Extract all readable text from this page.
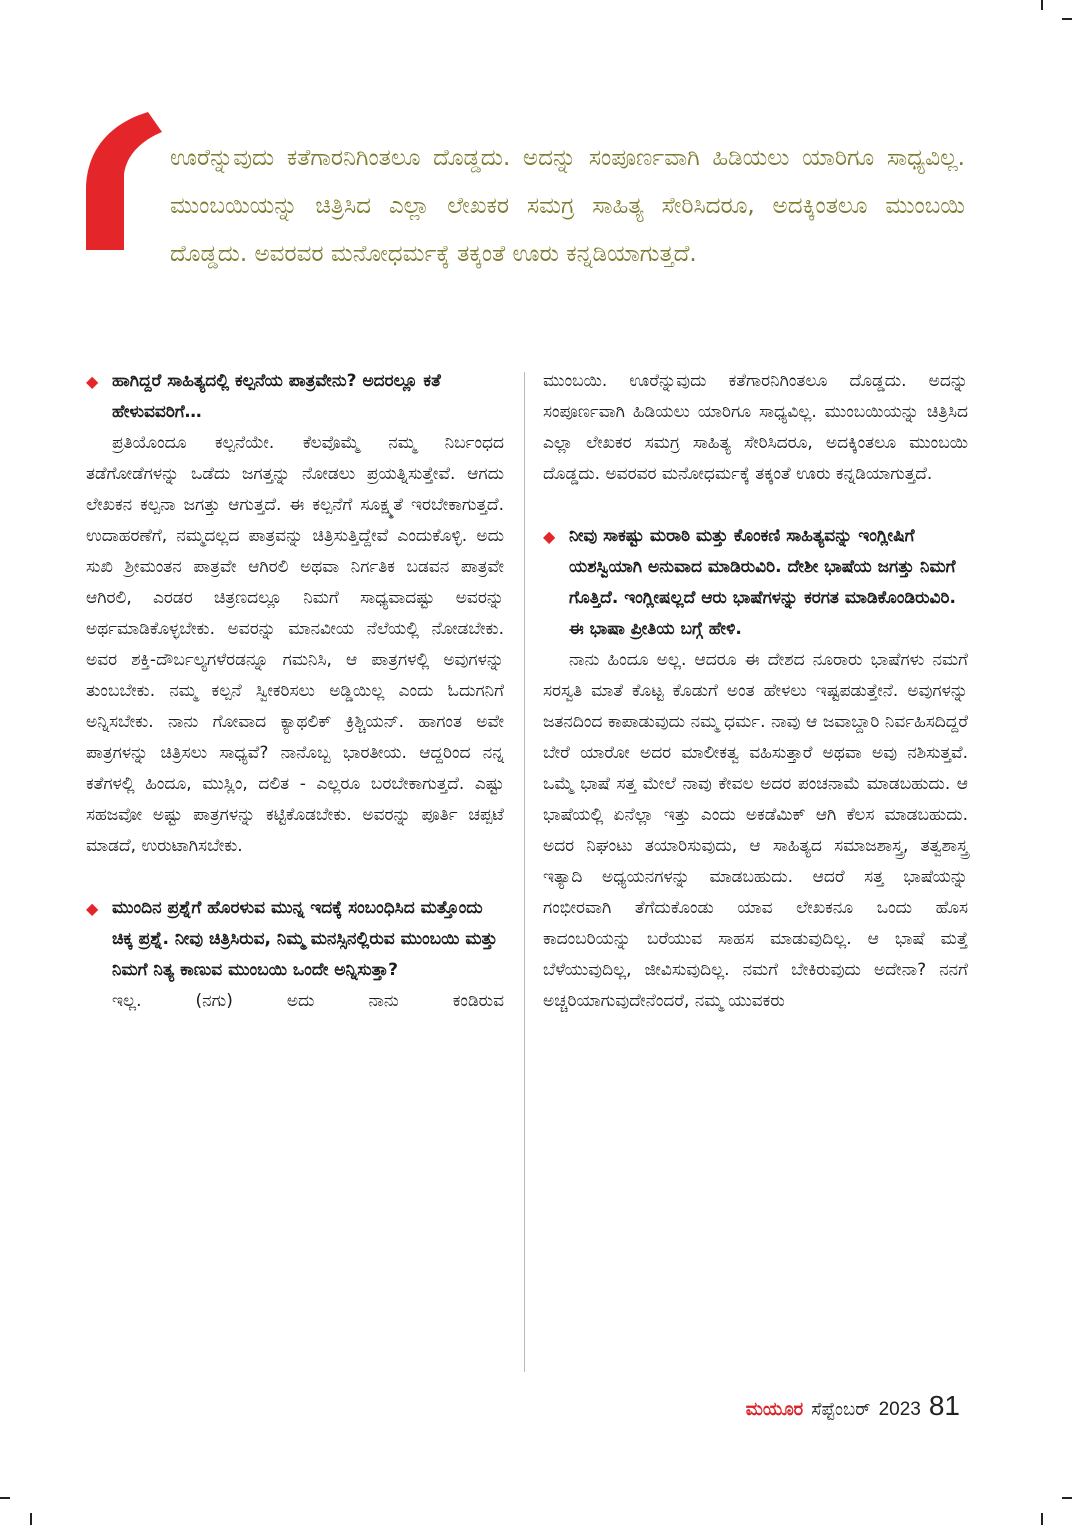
ಊರೆನ್ನುವುದು ಕತೆಗಾರನಿಗಿಂತಲೂ ದೊಡ್ಡದು. ಅದನ್ನು ಸಂಪೂರ್ಣವಾಗಿ ಹಿಡಿಯಲು ಯಾರಿಗೂ ಸಾಧ್ಯವಿಲ್ಲ. ಮುಂಬಯಿಯನ್ನು ಚಿತ್ರಿಸಿದ ಎಲ್ಲಾ ಲೇಖಕರ ಸಮಗ್ರ ಸಾಹಿತ್ಯ ಸೇರಿಸಿದರೂ, ಅದಕ್ಕಿಂತಲೂ ಮುಂಬಯಿ ದೊಡ್ಡದು. ಅವರವರ ಮನೋಧರ್ಮಕ್ಕೆ ತಕ್ಕಂತೆ ಊರು ಕನ್ನಡಿಯಾಗುತ್ತದೆ.

◆ ಹಾಗಿದ್ದರೆ ಸಾಹಿತ್ಯದಲ್ಲಿ ಕಲ್ಪನೆಯ ಪಾತ್ರವೇನು? ಅದರಲ್ಲೂ ಕತೆ ಹೇಳುವವರಿಗೆ…

ಪ್ರತಿಯೊಂದೂ ಕಲ್ಪನೆಯೇ. ಕೆಲವೊಮ್ಮೆ ನಮ್ಮ ನಿರ್ಬಂಧದ ತಡೆಗೋಡೆಗಳನ್ನು ಒಡೆದು ಜಗತ್ತನ್ನು ನೋಡಲು ಪ್ರಯತ್ನಿಸುತ್ತೇವೆ. ಆಗದು ಲೇಖಕನ ಕಲ್ಪನಾ ಜಗತ್ತು ಆಗುತ್ತದೆ. ಈ ಕಲ್ಪನೆಗೆ ಸೂಕ್ಷ್ಮತೆ ಇರಬೇಕಾಗುತ್ತದೆ. ಉದಾಹರಣೆಗೆ, ನಮ್ಮದಲ್ಲದ ಪಾತ್ರವನ್ನು ಚಿತ್ರಿಸುತ್ತಿದ್ದೇವೆ ಎಂದುಕೊಳ್ಳಿ. ಅದು ಸುಖಿ ಶ್ರೀಮಂತನ ಪಾತ್ರವೇ ಆಗಿರಲಿ ಅಥವಾ ನಿರ್ಗತಿಕ ಬಡವನ ಪಾತ್ರವೇ ಆಗಿರಲಿ, ಎರಡರ ಚಿತ್ರಣದಲ್ಲೂ ನಿಮಗೆ ಸಾಧ್ಯವಾದಷ್ಟು ಅವರನ್ನು ಅರ್ಥಮಾಡಿಕೊಳ್ಳಬೇಕು. ಅವರನ್ನು ಮಾನವೀಯ ನೆಲೆಯಲ್ಲಿ ನೋಡಬೇಕು. ಅವರ ಶಕ್ತಿ-ದೌರ್ಬಲ್ಯಗಳೆರಡನ್ನೂ ಗಮನಿಸಿ, ಆ ಪಾತ್ರಗಳಲ್ಲಿ ಅವುಗಳನ್ನು ತುಂಬಬೇಕು. ನಮ್ಮ ಕಲ್ಪನೆ ಸ್ವೀಕರಿಸಲು ಅಡ್ಡಿಯಿಲ್ಲ ಎಂದು ಓದುಗನಿಗೆ ಅನ್ನಿಸಬೇಕು. ನಾನು ಗೋವಾದ ಕ್ಯಾಥಲಿಕ್ ಕ್ರಿಶ್ಚಿಯನ್. ಹಾಗಂತ ಅವೇ ಪಾತ್ರಗಳನ್ನು ಚಿತ್ರಿಸಲು ಸಾಧ್ಯವೆ? ನಾನೊಬ್ಬ ಭಾರತೀಯ. ಆದ್ದರಿಂದ ನನ್ನ ಕತೆಗಳಲ್ಲಿ ಹಿಂದೂ, ಮುಸ್ಲಿಂ, ದಲಿತ - ಎಲ್ಲರೂ ಬರಬೇಕಾಗುತ್ತದೆ. ಎಷ್ಟು ಸಹಜವೋ ಅಷ್ಟು ಪಾತ್ರಗಳನ್ನು ಕಟ್ಟಿಕೊಡಬೇಕು. ಅವರನ್ನು ಪೂರ್ತಿ ಚಪ್ಪಟೆ ಮಾಡದೆ, ಉರುಟಾಗಿಸಬೇಕು.

◆ ಮುಂದಿನ ಪ್ರಶ್ನೆಗೆ ಹೊರಳುವ ಮುನ್ನ ಇದಕ್ಕೆ ಸಂಬಂಧಿಸಿದ ಮತ್ತೊಂದು ಚಿಕ್ಕ ಪ್ರಶ್ನೆ. ನೀವು ಚಿತ್ರಿಸಿರುವ, ನಿಮ್ಮ ಮನಸ್ಸಿನಲ್ಲಿರುವ ಮುಂಬಯಿ ಮತ್ತು ನಿಮಗೆ ನಿತ್ಯ ಕಾಣುವ ಮುಂಬಯಿ ಒಂದೇ ಅನ್ನಿಸುತ್ತಾ?

ಇಲ್ಲ. (ನಗು) ಅದು ನಾನು ಕಂಡಿರುವ

ಮುಂಬಯಿ. ಊರೆನ್ನುವುದು ಕತೆಗಾರನಿಗಿಂತಲೂ ದೊಡ್ಡದು. ಅದನ್ನು ಸಂಪೂರ್ಣವಾಗಿ ಹಿಡಿಯಲು ಯಾರಿಗೂ ಸಾಧ್ಯವಿಲ್ಲ. ಮುಂಬಯಿಯನ್ನು ಚಿತ್ರಿಸಿದ ಎಲ್ಲಾ ಲೇಖಕರ ಸಮಗ್ರ ಸಾಹಿತ್ಯ ಸೇರಿಸಿದರೂ, ಅದಕ್ಕಿಂತಲೂ ಮುಂಬಯಿ ದೊಡ್ಡದು. ಅವರವರ ಮನೋಧರ್ಮಕ್ಕೆ ತಕ್ಕಂತೆ ಊರು ಕನ್ನಡಿಯಾಗುತ್ತದೆ.

◆ ನೀವು ಸಾಕಷ್ಟು ಮರಾಠಿ ಮತ್ತು ಕೊಂಕಣಿ ಸಾಹಿತ್ಯವನ್ನು ಇಂಗ್ಲೀಷಿಗೆ ಯಶಸ್ವಿಯಾಗಿ ಅನುವಾದ ಮಾಡಿರುವಿರಿ. ದೇಶೀ ಭಾಷೆಯ ಜಗತ್ತು ನಿಮಗೆ ಗೊತ್ತಿದೆ. ಇಂಗ್ಲೀಷಲ್ಲದೆ ಆರು ಭಾಷೆಗಳನ್ನು ಕರಗತ ಮಾಡಿಕೊಂಡಿರುವಿರಿ. ಈ ಭಾಷಾ ಪ್ರೀತಿಯ ಬಗ್ಗೆ ಹೇಳಿ.

ನಾನು ಹಿಂದೂ ಅಲ್ಲ. ಆದರೂ ಈ ದೇಶದ ನೂರಾರು ಭಾಷೆಗಳು ನಮಗೆ ಸರಸ್ವತಿ ಮಾತೆ ಕೊಟ್ಟ ಕೊಡುಗೆ ಅಂತ ಹೇಳಲು ಇಷ್ಟಪಡುತ್ತೇನೆ. ಅವುಗಳನ್ನು ಜತನದಿಂದ ಕಾಪಾಡುವುದು ನಮ್ಮ ಧರ್ಮ. ನಾವು ಆ ಜವಾಬ್ದಾರಿ ನಿರ್ವಹಿಸದಿದ್ದರೆ ಬೇರೆ ಯಾರೋ ಅದರ ಮಾಲೀಕತ್ವ ವಹಿಸುತ್ತಾರೆ ಅಥವಾ ಅವು ನಶಿಸುತ್ತವೆ. ಒಮ್ಮೆ ಭಾಷೆ ಸತ್ತ ಮೇಲೆ ನಾವು ಕೇವಲ ಅದರ ಪಂಚನಾಮೆ ಮಾಡಬಹುದು. ಆ ಭಾಷೆಯಲ್ಲಿ ಏನೆಲ್ಲಾ ಇತ್ತು ಎಂದು ಅಕಡೆಮಿಕ್ ಆಗಿ ಕೆಲಸ ಮಾಡಬಹುದು. ಅದರ ನಿಘಂಟು ತಯಾರಿಸುವುದು, ಆ ಸಾಹಿತ್ಯದ ಸಮಾಜಶಾಸ್ತ್ರ, ತತ್ವಶಾಸ್ತ್ರ ಇತ್ಯಾದಿ ಅಧ್ಯಯನಗಳನ್ನು ಮಾಡಬಹುದು. ಆದರೆ ಸತ್ತ ಭಾಷೆಯನ್ನು ಗಂಭೀರವಾಗಿ ತೆಗೆದುಕೊಂಡು ಯಾವ ಲೇಖಕನೂ ಒಂದು ಹೊಸ ಕಾದಂಬರಿಯನ್ನು ಬರೆಯುವ ಸಾಹಸ ಮಾಡುವುದಿಲ್ಲ. ಆ ಭಾಷೆ ಮತ್ತೆ ಬೆಳೆಯುವುದಿಲ್ಲ, ಜೀವಿಸುವುದಿಲ್ಲ. ನಮಗೆ ಬೇಕಿರುವುದು ಅದೇನಾ? ನನಗೆ ಅಚ್ಚರಿಯಾಗುವುದೇನೆಂದರೆ, ನಮ್ಮ ಯುವಕರು

ಮಯೂರ ಸೆಪ್ಟೆಂಬರ್ 2023 81
